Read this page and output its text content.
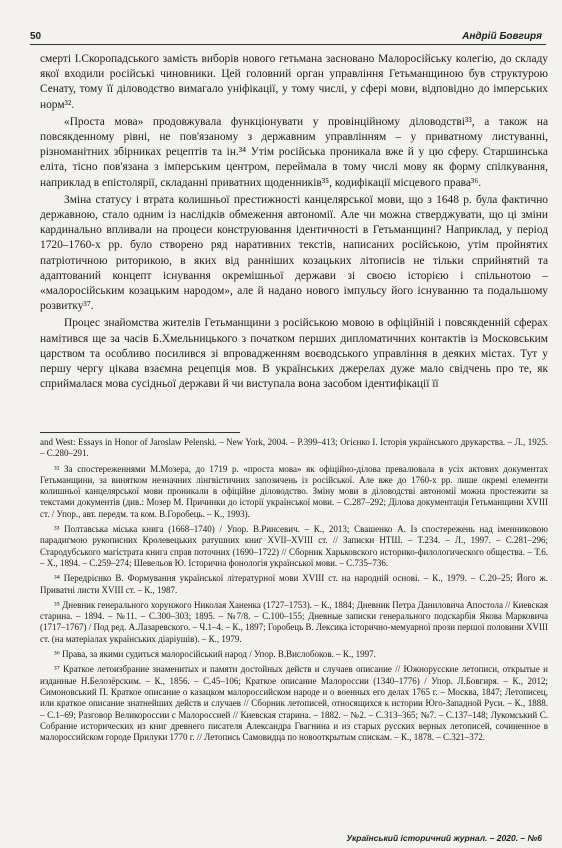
50	Андрій Бовгиря

смерті І.Скоропадського замість виборів нового гетьмана засновано Малоросійську колегію, до складу якої входили російські чиновники. Цей головний орган управління Гетьманщиною був структурою Сенату, тому її діловодство вимагало уніфікації, у тому числі, у сфері мови, відповідно до імперських норм³².

«Проста мова» продовжувала функціонувати у провінційному діловодстві³³, а також на повсякденному рівні, не пов'язаному з державним управлінням – у приватному листуванні, різноманітних збірниках рецептів та ін.³⁴ Утім російська проникала вже й у цю сферу. Старшинська еліта, тісно пов'язана з імперським центром, переймала в тому числі мову як форму спілкування, наприклад в епістолярії, складанні приватних щоденників³⁵, кодифікації місцевого права³⁶.

Зміна статусу і втрата колишньої престижності канцелярської мови, що з 1648 р. була фактично державною, стало одним із наслідків обмеження автономії. Але чи можна стверджувати, що ці зміни кардинально впливали на процеси конструювання ідентичності в Гетьманщині? Наприклад, у період 1720–1760-х рр. було створено ряд наративних текстів, написаних російською, утім пройнятих патріотичною риторикою, в яких від ранніших козацьких літописів не тільки сприйнятий та адаптований концепт існування окремішньої держави зі своєю історією і спільнотою – «малоросійським козацьким народом», але й надано нового імпульсу його існуванню та подальшому розвитку³⁷.

Процес знайомства жителів Гетьманщини з російською мовою в офіційній і повсякденній сферах намітився ще за часів Б.Хмельницького з початком перших дипломатичних контактів із Московським царством та особливо посилився зі впровадженням воєводського управління в деяких містах. Тут у першу чергу цікава взаємна рецепція мов. В українських джерелах дуже мало свідчень про те, як сприймалася мова сусідньої держави й чи виступала вона засобом ідентифікації її

and West: Essays in Honor of Jaroslaw Pelenski. – New York, 2004. – P.399–413; Огієнко І. Історія українського друкарства. – Л., 1925. – С.280–291.

³² За спостереженнями М.Мозера, до 1719 р. «проста мова» як офіційно-ділова превалювала в усіх актових документах Гетьманщини, за винятком незначних лінгвістичних запозичень із російської. Але вже до 1760-х рр. лише окремі елементи колишньої канцелярської мови проникали в офіційне діловодство. Зміну мови в діловодстві автономії можна простежити за текстами документів (див.: Мозер М. Причинки до історії української мови. – С.287–292; Ділова документація Гетьманщини XVIII ст. / Упор., авт. передм. та ком. В.Горобець. – К., 1993).

³³ Полтавська міська книга (1668–1740) / Упор. В.Ринсевич. – К., 2013; Свашенко А. Із спостережень над іменниковою парадигмою рукописних Кролевецьких ратушних книг XVII–XVIII ст. // Записки НТШ. – Т.234. – Л., 1997. – С.281–296; Стародубського магістрата книга справ поточних (1690–1722) // Сборник Харьковского историко-филологического общества. – Т.6. – Х., 1894. – С.259–274; Шевельов Ю. Історична фонологія української мови. – С.735–736.

³⁴ Передрієнко В. Формування української літературної мови XVIII ст. на народній основі. – К., 1979. – С.20–25; Його ж. Приватні листи XVIII ст. – К., 1987.

³⁵ Дневник генерального хорунжого Николая Ханенка (1727–1753). – К., 1884; Дневник Петра Даниловича Апостола // Киевская старина. – 1894. – №11. – С.300–303; 1895. – №7/8. – С.100–155; Дневные записки генерального подскарбія Якова Марковича (1717–1767) / Под ред. А.Лазаревского. – Ч.1–4. – К., 1897; Горобець В. Лексика історично-мемуарної прози першої половини XVIII ст. (на матеріалах українських діаріушів). – К., 1979.

³⁶ Права, за якими судиться малоросійський народ / Упор. В.Вислобоков. – К., 1997.

³⁷ Краткое летоизбрание знаменитых и памяти достойных действ и случаев описание // Южнорусские летописи, открытые и изданные Н.Белозёрским. – К., 1856. – С.45–106; Краткое описание Малороссии (1340–1776) / Упор. Л.Бовгиря. – К., 2012; Симоновський П. Краткое описание о казацком малороссийском народе и о военных его делах 1765 г. – Москва, 1847; Летописец, или краткое описание знатнейших действ и случаев // Сборник летописей, относящихся к истории Юго-Западной Руси. – К., 1888. – С.1–69; Разговор Великороссии с Малороссией // Киевская старина. – 1882. – №2. – С.313–365; №7. – С.137–148; Лукомський С. Собрание исторических из книг древнего писателя Александра Гвагнина и из старых русских верных летописей, сочиненное в малороссийском городе Прилуки 1770 г. // Летопись Самовидца по новооткрытым спискам. – К., 1878. – С.321–372.

Український історичний журнал. – 2020. – №6
